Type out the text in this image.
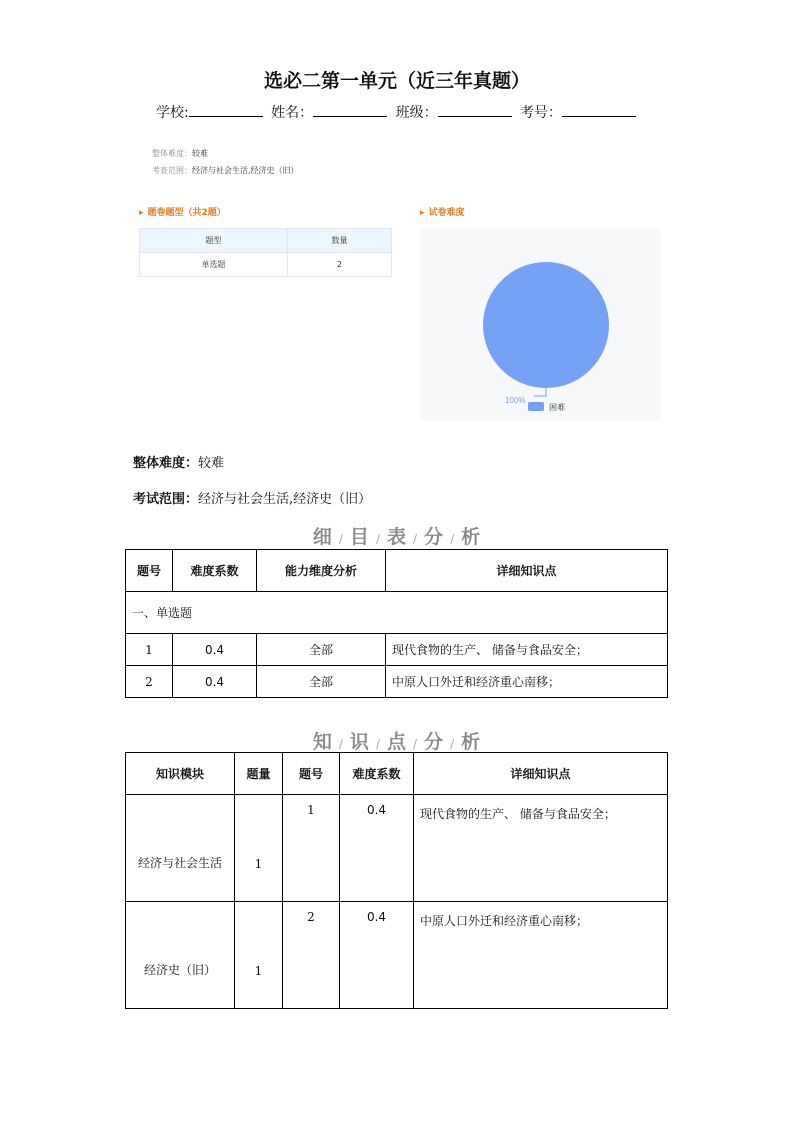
选必二第一单元（近三年真题）
学校:	姓名：	班级：	考号：
整体难度：较难
考查范围：经济与社会生活,经济史（旧）
▸ 题卷题型（共2题）
题型	数量
单选题	2
▸ 试卷难度
100%
困难
整体难度：较难
考试范围：经济与社会生活,经济史（旧）
细 / 目 / 表 / 分 / 析
题号	难度系数	能力维度分析	详细知识点
一、单选题			
1	0.4	全部	现代食物的生产、 储备与食品安全；
2	0.4	全部	中原人口外迁和经济重心南移；
知 / 识 / 点 / 分 / 析
知识模块	题量	题号	难度系数	详细知识点
经济与社会生活	1	1	0.4	现代食物的生产、 储备与食品安全；
经济史（旧）	1	2	0.4	中原人口外迁和经济重心南移；
